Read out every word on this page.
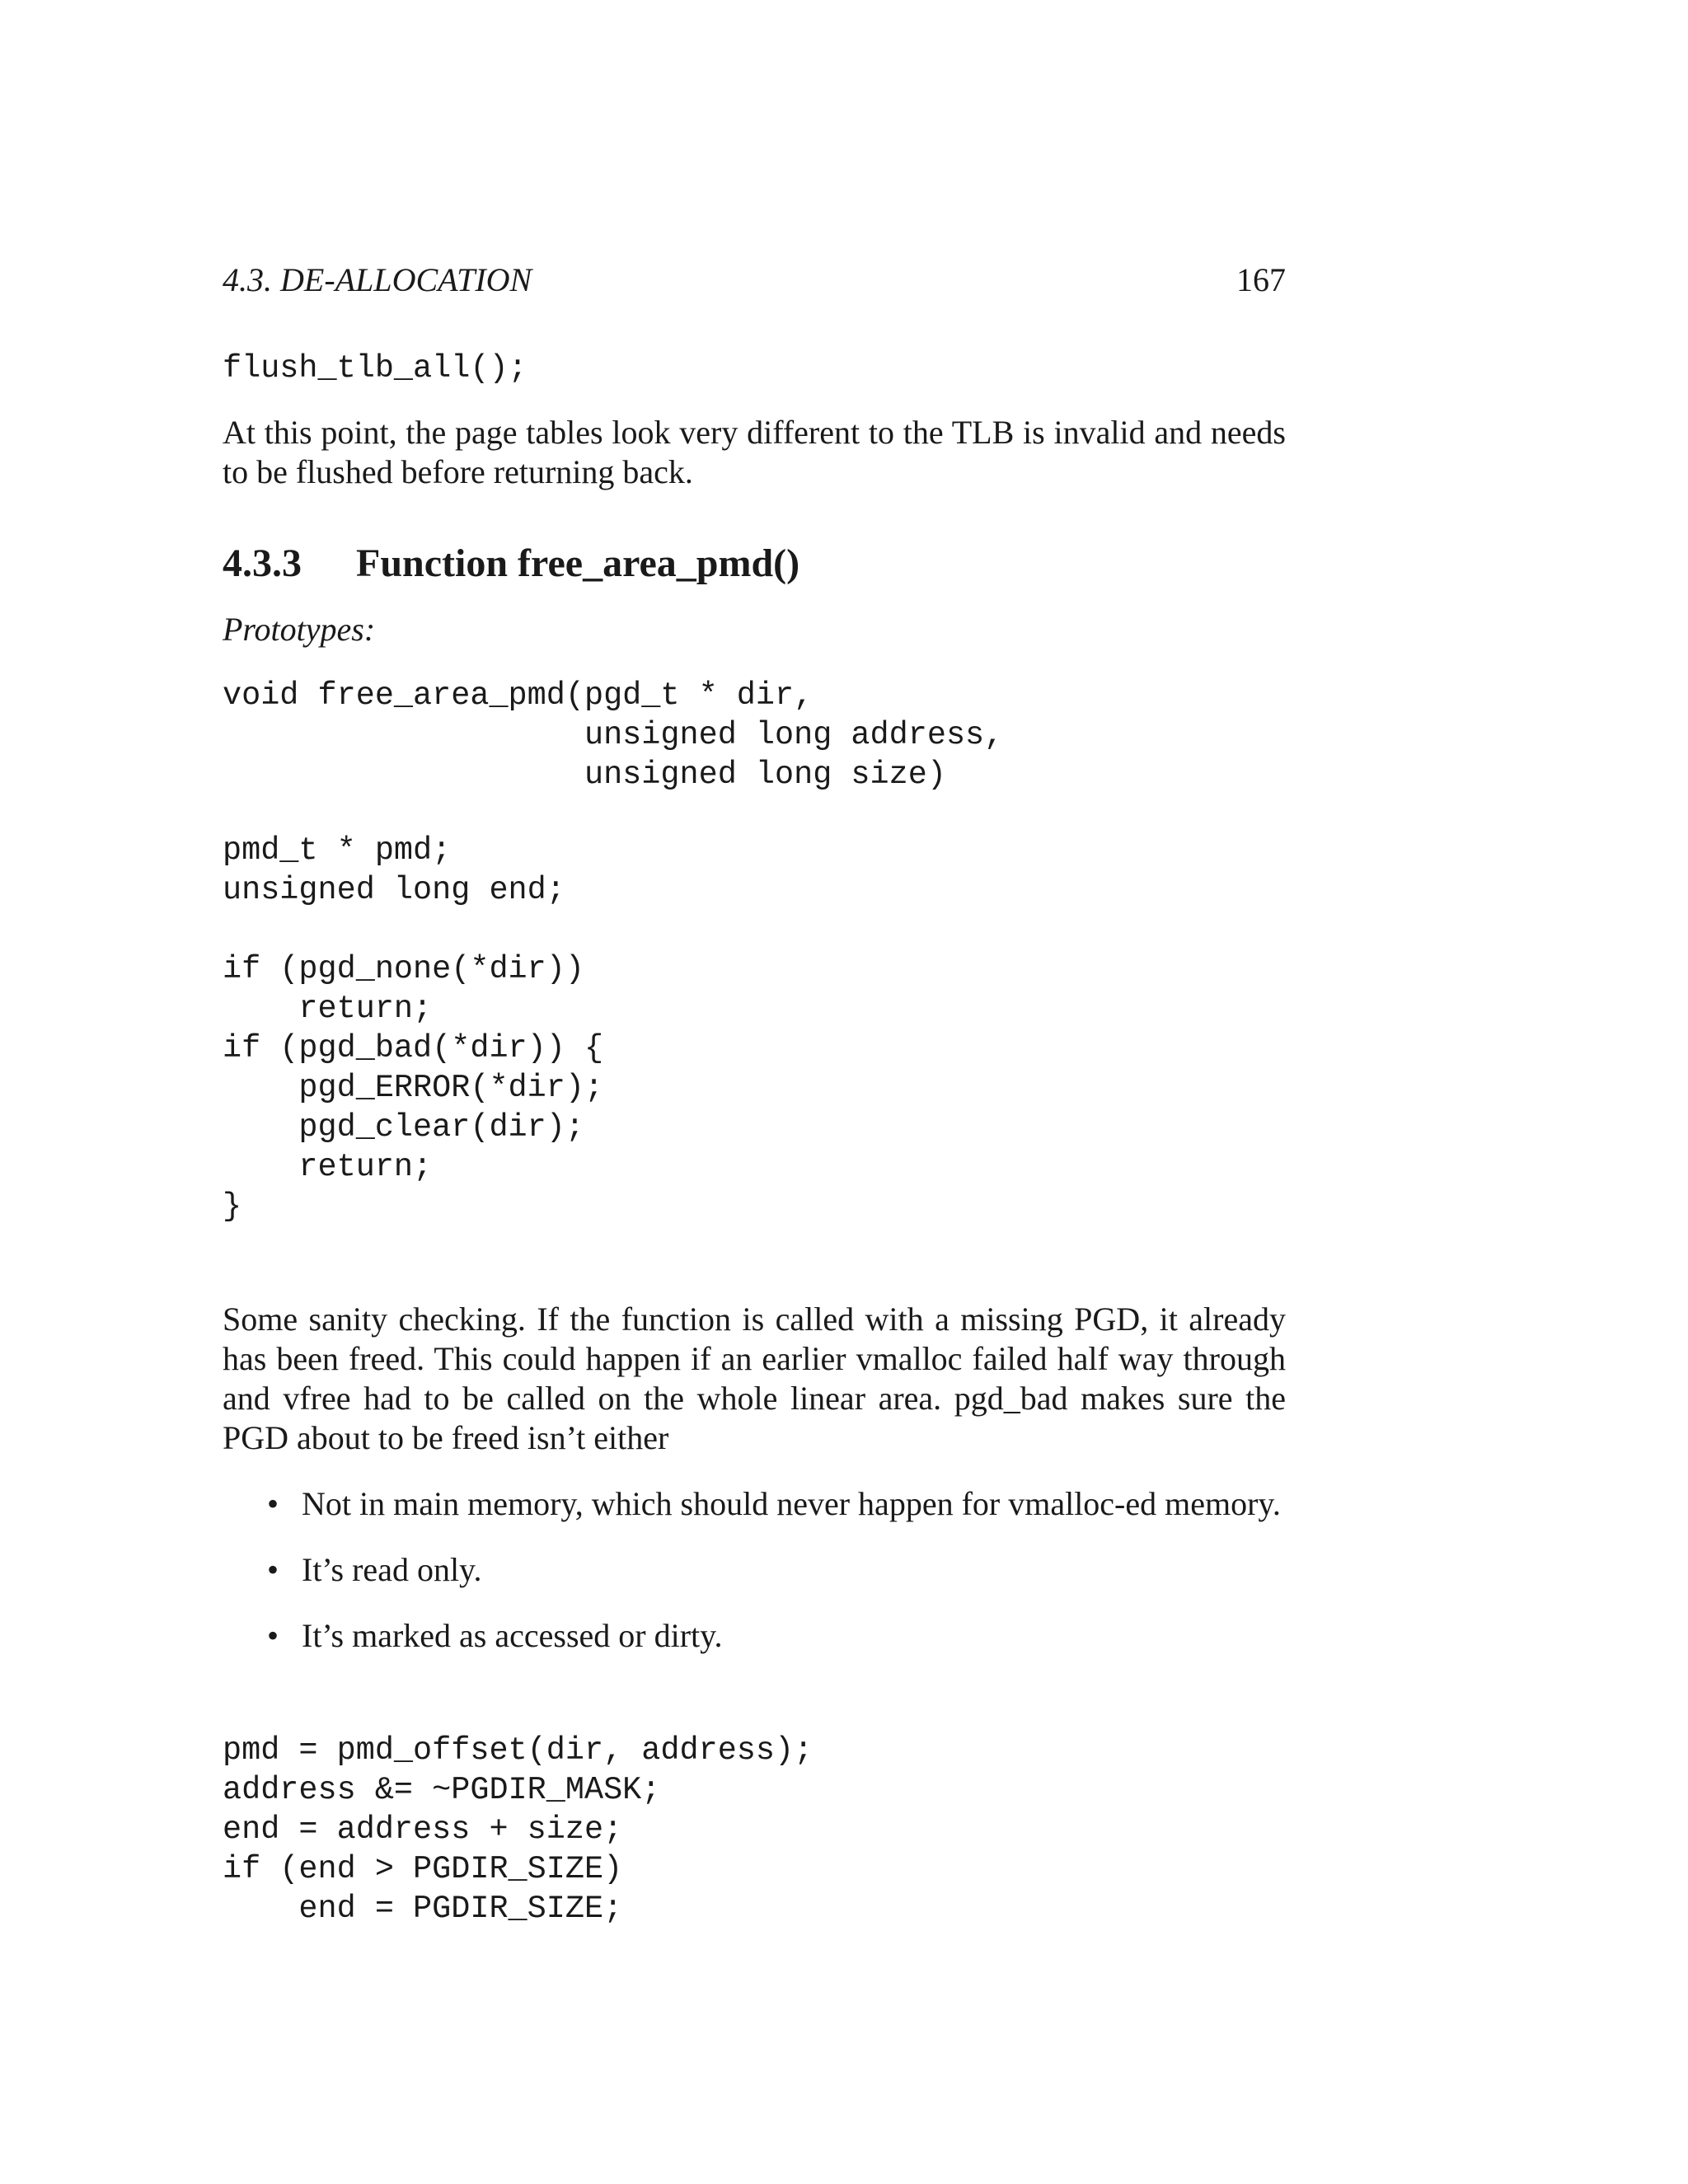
4.3. DE-ALLOCATION	167
flush_tlb_all();

At this point, the page tables look very different to the TLB is invalid and needs to be flushed before returning back.

4.3.3 Function free_area_pmd()
Prototypes:
void free_area_pmd(pgd_t * dir,
unsigned long address,
unsigned long size)
pmd_t * pmd;
unsigned long end;

if (pgd_none(*dir))
return;
if (pgd_bad(*dir)) {
pgd_ERROR(*dir);
pgd_clear(dir);
return;
}

Some sanity checking. If the function is called with a missing PGD, it already has been freed. This could happen if an earlier vmalloc failed half way through and vfree had to be called on the whole linear area. pgd_bad makes sure the PGD about to be freed isn’t either

• Not in main memory, which should never happen for vmalloc-ed memory.
• It’s read only.
• It’s marked as accessed or dirty.
pmd = pmd_offset(dir, address);
address &= ~PGDIR_MASK;
end = address + size;
if (end > PGDIR_SIZE)
end = PGDIR_SIZE;
